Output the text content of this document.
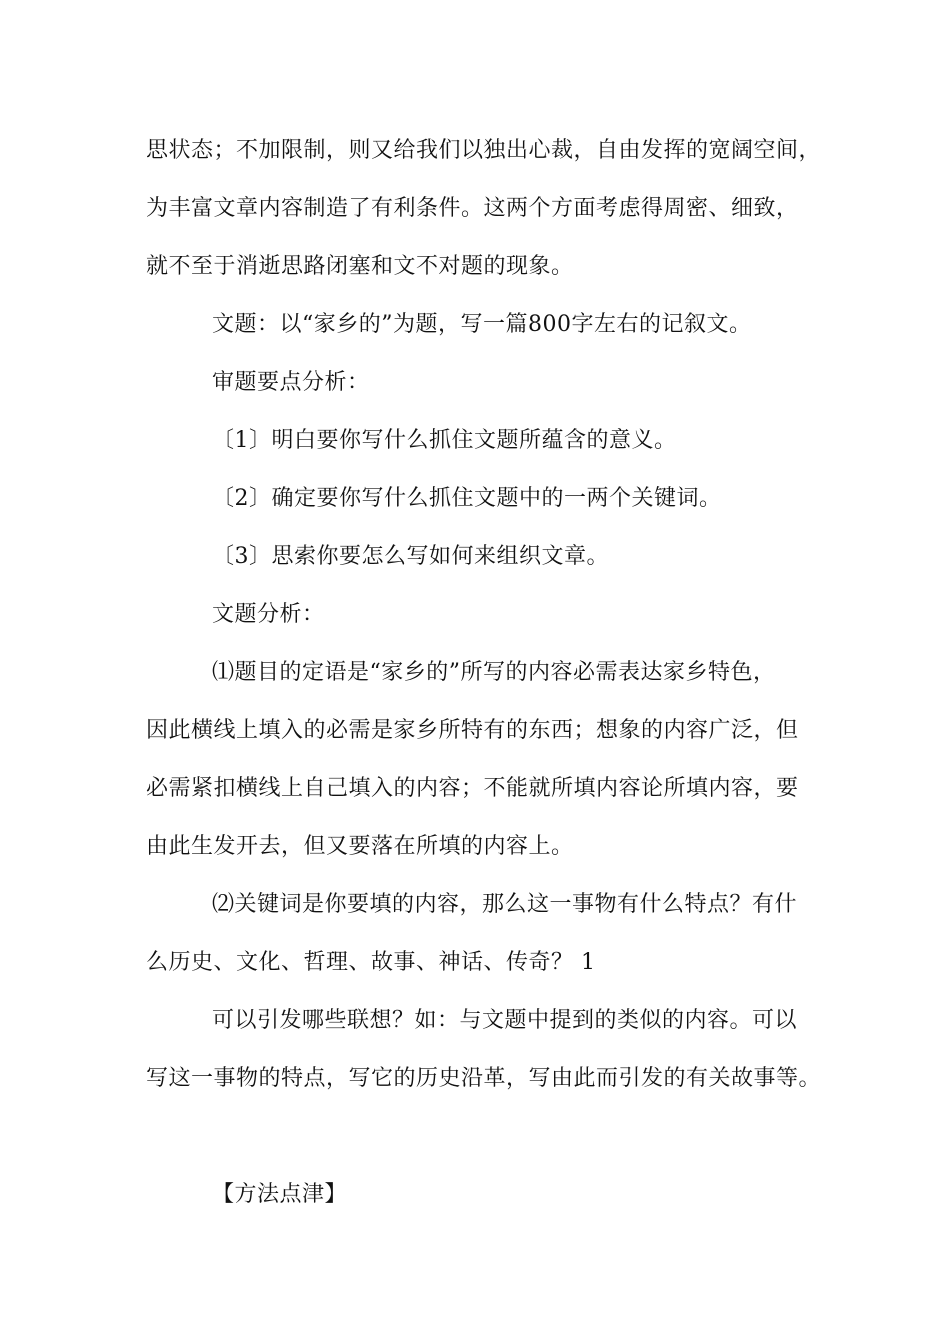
思状态；不加限制，则又给我们以独出心裁，自由发挥的宽阔空间，
为丰富文章内容制造了有利条件。这两个方面考虑得周密、细致，
就不至于消逝思路闭塞和文不对题的现象。
文题：以“家乡的”为题，写一篇800字左右的记叙文。
审题要点分析：
〔1〕明白要你写什么抓住文题所蕴含的意义。
〔2〕确定要你写什么抓住文题中的一两个关键词。
〔3〕思索你要怎么写如何来组织文章。
文题分析：
⑴题目的定语是“家乡的”所写的内容必需表达家乡特色，
因此横线上填入的必需是家乡所特有的东西；想象的内容广泛，但
必需紧扣横线上自己填入的内容；不能就所填内容论所填内容，要
由此生发开去，但又要落在所填的内容上。
⑵关键词是你要填的内容，那么这一事物有什么特点？有什
么历史、文化、哲理、故事、神话、传奇？ 1
可以引发哪些联想？如：与文题中提到的类似的内容。可以
写这一事物的特点，写它的历史沿革，写由此而引发的有关故事等。
【方法点津】
